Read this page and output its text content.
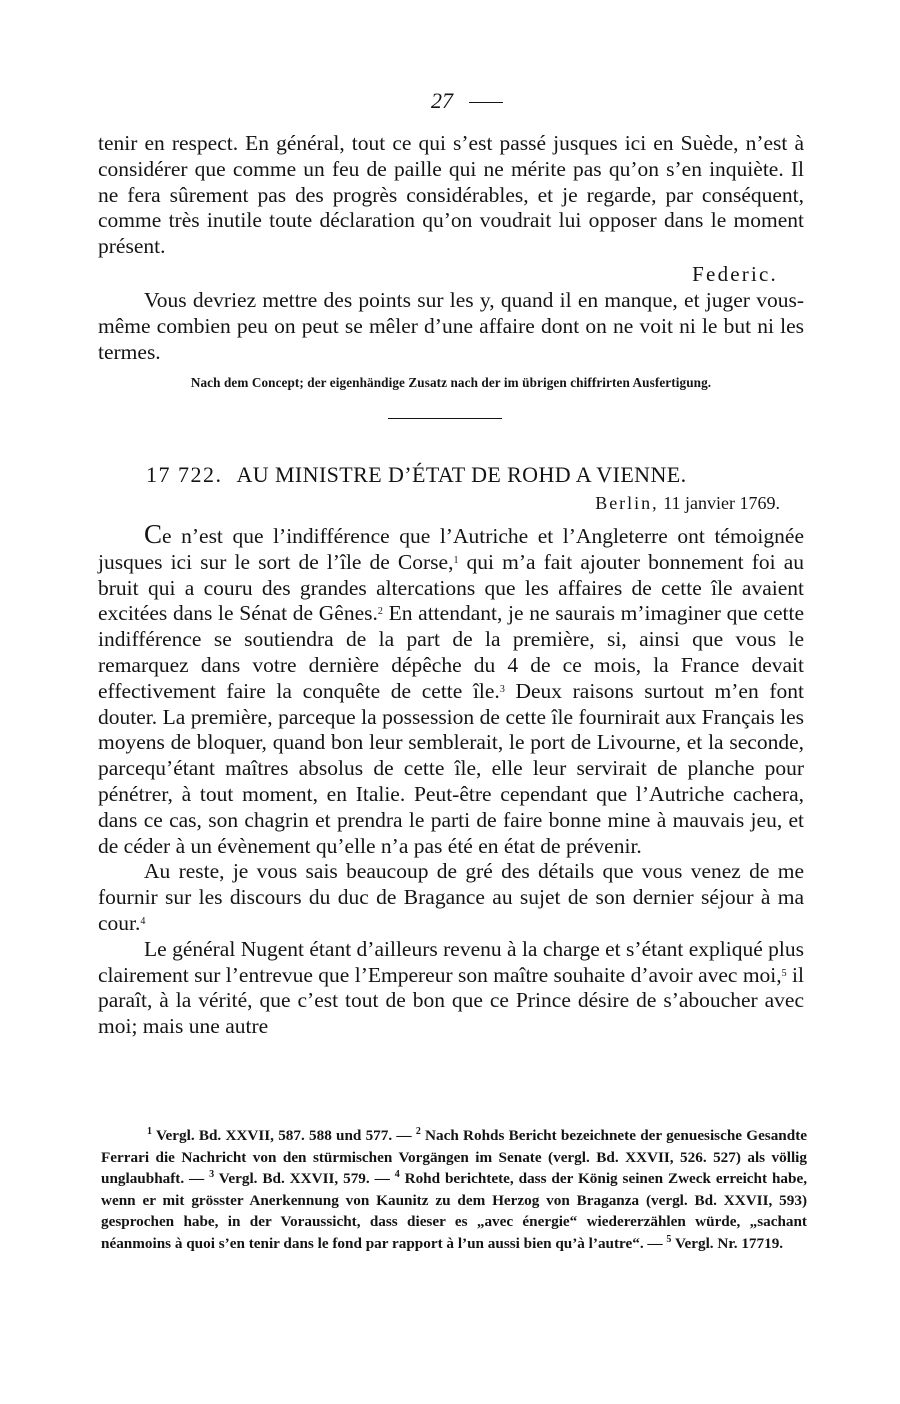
27

tenir en respect. En général, tout ce qui s’est passé jusques ici en Suède, n’est à considérer que comme un feu de paille qui ne mérite pas qu’on s’en inquiète. Il ne fera sûrement pas des progrès considérables, et je regarde, par conséquent, comme très inutile toute déclaration qu’on voudrait lui opposer dans le moment présent.

Federic.

Vous devriez mettre des points sur les y, quand il en manque, et juger vous-même combien peu on peut se mêler d’une affaire dont on ne voit ni le but ni les termes.

Nach dem Concept; der eigenhändige Zusatz nach der im übrigen chiffrirten Ausfertigung.

17 722. AU MINISTRE D’ÉTAT DE ROHD A VIENNE.
Berlin, 11 janvier 1769.

Ce n’est que l’indifférence que l’Autriche et l’Angleterre ont témoignée jusques ici sur le sort de l’île de Corse,$^1$ qui m’a fait ajouter bonnement foi au bruit qui a couru des grandes altercations que les affaires de cette île avaient excitées dans le Sénat de Gênes.$^2$ En attendant, je ne saurais m’imaginer que cette indifférence se soutiendra de la part de la première, si, ainsi que vous le remarquez dans votre dernière dépêche du 4 de ce mois, la France devait effectivement faire la conquête de cette île.$^3$ Deux raisons surtout m’en font douter. La première, parceque la possession de cette île fournirait aux Français les moyens de bloquer, quand bon leur semblerait, le port de Livourne, et la seconde, parcequ’étant maîtres absolus de cette île, elle leur servirait de planche pour pénétrer, à tout moment, en Italie. Peut-être cependant que l’Autriche cachera, dans ce cas, son chagrin et prendra le parti de faire bonne mine à mauvais jeu, et de céder à un évènement qu’elle n’a pas été en état de prévenir.

Au reste, je vous sais beaucoup de gré des détails que vous venez de me fournir sur les discours du duc de Bragance au sujet de son dernier séjour à ma cour.$^4$

Le général Nugent étant d’ailleurs revenu à la charge et s’étant expliqué plus clairement sur l’entrevue que l’Empereur son maître souhaite d’avoir avec moi,$^5$ il paraît, à la vérité, que c’est tout de bon que ce Prince désire de s’aboucher avec moi; mais une autre

$^1$ Vergl. Bd. XXVII, 587. 588 und 577. — $^2$ Nach Rohds Bericht bezeichnete der genuesische Gesandte Ferrari die Nachricht von den stürmischen Vorgängen im Senate (vergl. Bd. XXVII, 526. 527) als völlig unglaubhaft. — $^3$ Vergl. Bd. XXVII, 579. — $^4$ Rohd berichtete, dass der König seinen Zweck erreicht habe, wenn er mit grösster Anerkennung von Kaunitz zu dem Herzog von Braganza (vergl. Bd. XXVII, 593) gesprochen habe, in der Voraussicht, dass dieser es „avec énergie“ wiedererzählen würde, „sachant néanmoins à quoi s’en tenir dans le fond par rapport à l’un aussi bien qu’à l’autre“. — $^5$ Vergl. Nr. 17719.
